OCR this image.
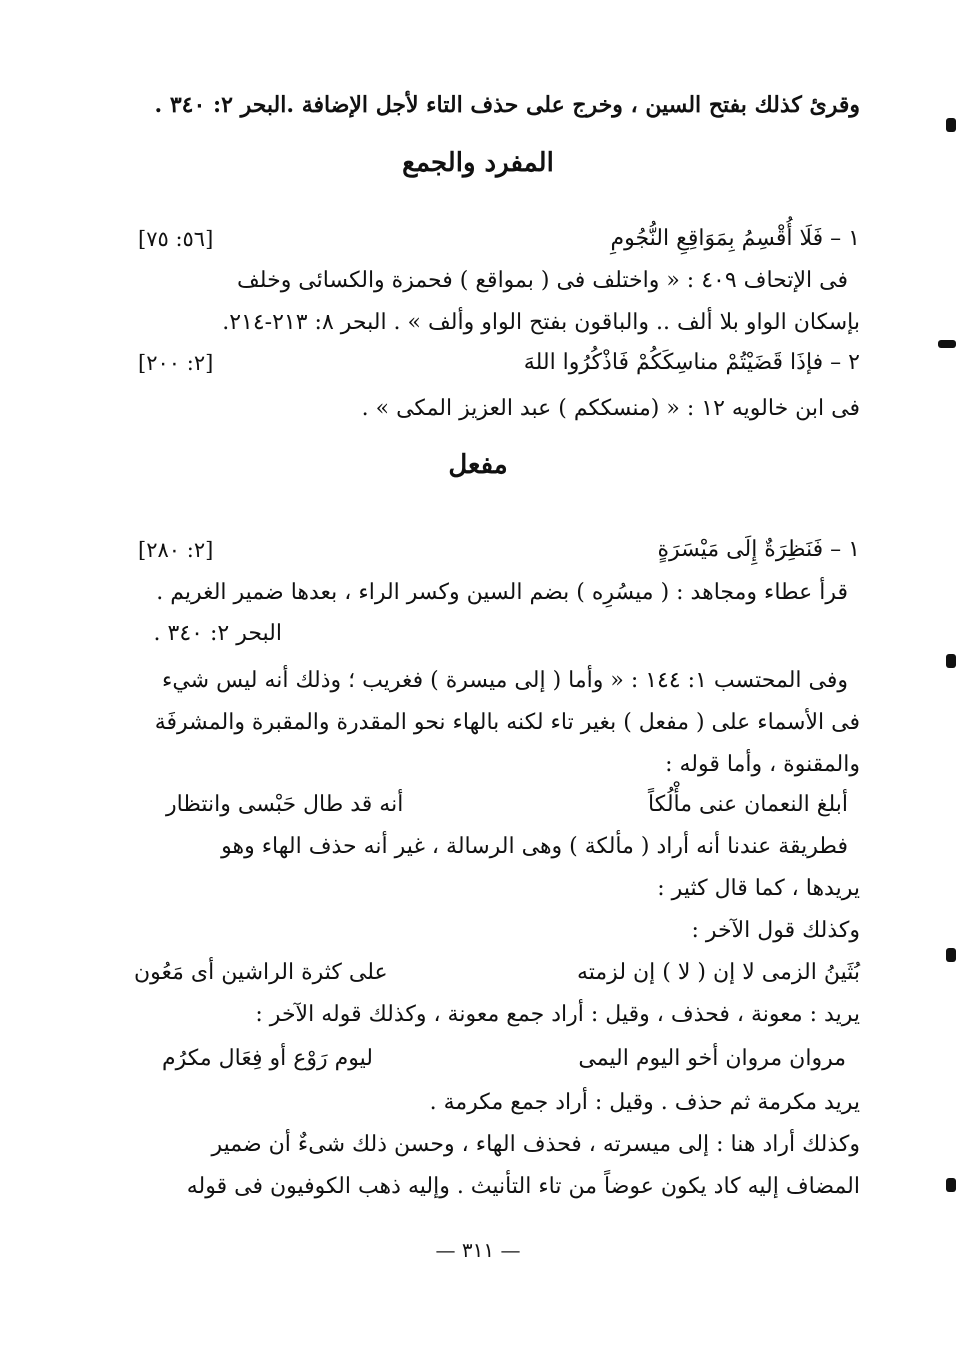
وقرئ كذلك بفتح السين ، وخرج على حذف التاء لأجل الإضافة .البحر ٢: ٣٤٠ .
المفرد والجمع
١ – فَلَا أُقْسِمُ بِمَوَاقِعِ النُّجُومِ
[٥٦: ٧٥]
فى الإتحاف ٤٠٩ : « واختلف فى ( بمواقع ) فحمزة والكسائى وخلف
بإسكان الواو بلا ألف .. والباقون بفتح الواو وألف » . البحر ٨: ٢١٣-٢١٤.
٢ – فإذَا قَضَيْتُمْ مناسِكَكُمْ فَاذْكُرُوا اللهَ
[٢: ٢٠٠]
فى ابن خالويه ١٢ : « (منسككم ) عبد العزيز المكى » .
مفعل
١ – فَنَظِرَةٌ إِلَى مَيْسَرَةٍ
[٢: ٢٨٠]
قرأ عطاء ومجاهد : ( ميسُرِه ) بضم السين وكسر الراء ، بعدها ضمير الغريم .
البحر ٢: ٣٤٠ .
وفى المحتسب ١: ١٤٤ : « وأما ( إلى ميسرة ) فغريب ؛ وذلك أنه ليس شيء
فى الأسماء على ( مفعل ) بغير تاء لكنه بالهاء نحو المقدرة والمقبرة والمشرفَة
والمقنوة ، وأما قوله :
أبلغ النعمان عنى مأْلُكاً
أنه قد طال حَبْسى وانتظار
فطريقة عندنا أنه أراد ( مألكة ) وهى الرسالة ، غير أنه حذف الهاء وهو
يريدها ، كما قال كثير :
وكذلك قول الآخر :
بُثَينُ الزمى لا إن ( لا ) إن لزمته
على كثرة الراشين أى مَعُون
يريد : معونة ، فحذف ، وقيل : أراد جمع معونة ، وكذلك قوله الآخر :
مروان مروان أخو اليوم اليمى
ليوم رَوْع أو فِعَال مكرُم
يريد مكرمة ثم حذف . وقيل : أراد جمع مكرمة .
وكذلك أراد هنا : إلى ميسرته ، فحذف الهاء ، وحسن ذلك شىءٌ أن ضمير
المضاف إليه كاد يكون عوضاً من تاء التأنيث . وإليه ذهب الكوفيون فى قوله
— ٣١١ —
